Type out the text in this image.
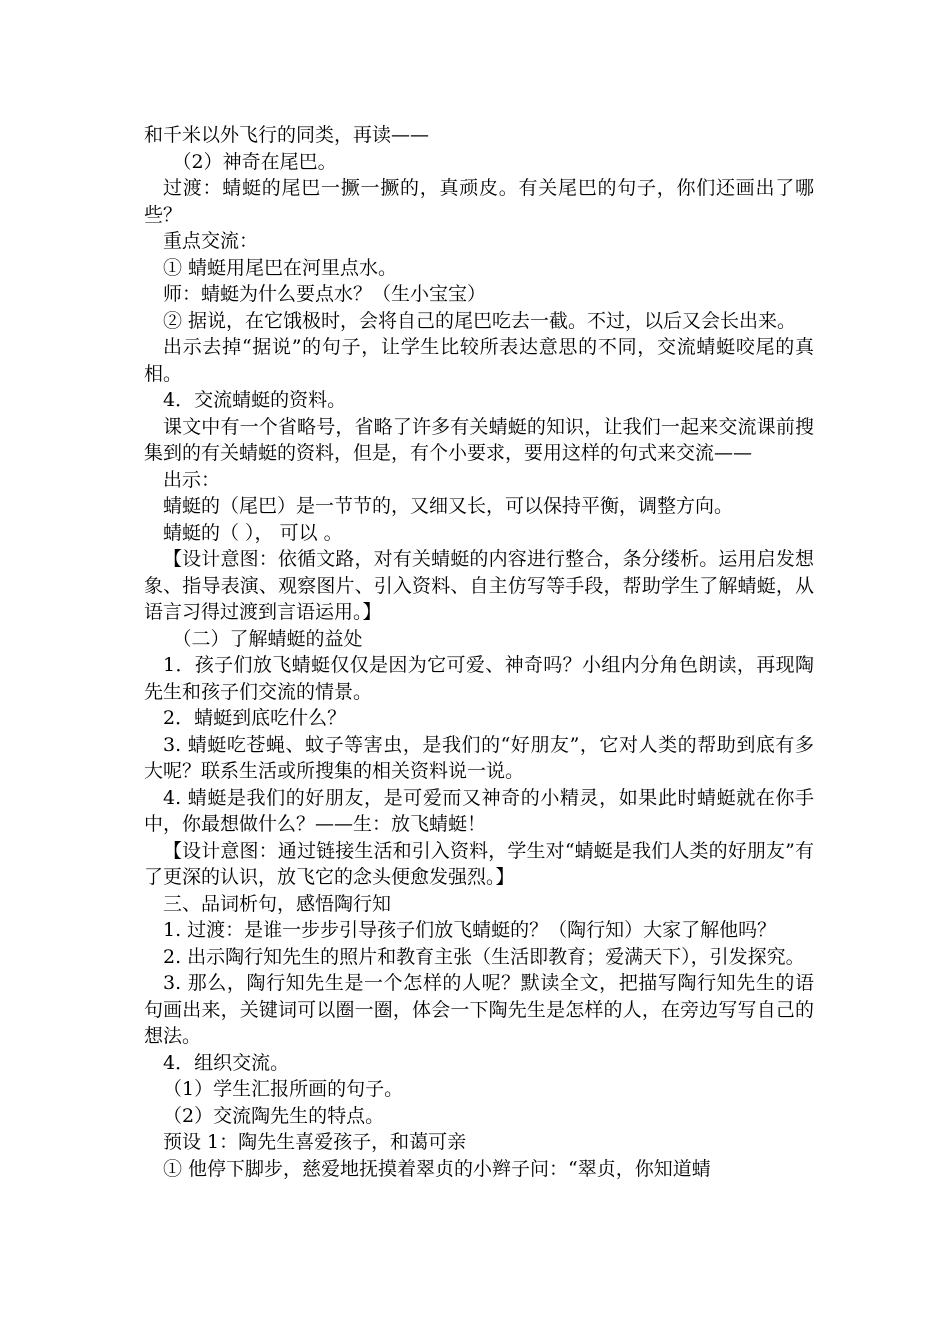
和千米以外飞行的同类，再读——

（2）神奇在尾巴。

过渡：蜻蜓的尾巴一撅一撅的，真顽皮。有关尾巴的句子，你们还画出了哪些？

重点交流：

① 蜻蜓用尾巴在河里点水。

师：蜻蜓为什么要点水？（生小宝宝）

② 据说，在它饿极时，会将自己的尾巴吃去一截。不过，以后又会长出来。

出示去掉“据说”的句子，让学生比较所表达意思的不同，交流蜻蜓咬尾的真相。

4．交流蜻蜓的资料。

课文中有一个省略号，省略了许多有关蜻蜓的知识，让我们一起来交流课前搜集到的有关蜻蜓的资料，但是，有个小要求，要用这样的句式来交流——

出示：

蜻蜓的（尾巴）是一节节的，又细又长，可以保持平衡，调整方向。

蜻蜓的（ ）， 可以 。

【设计意图：依循文路，对有关蜻蜓的内容进行整合，条分缕析。运用启发想象、指导表演、观察图片、引入资料、自主仿写等手段，帮助学生了解蜻蜓，从语言习得过渡到言语运用。】

（二）了解蜻蜓的益处

1．孩子们放飞蜻蜓仅仅是因为它可爱、神奇吗？小组内分角色朗读，再现陶先生和孩子们交流的情景。

2．蜻蜓到底吃什么？

3. 蜻蜓吃苍蝇、蚊子等害虫，是我们的“好朋友”，它对人类的帮助到底有多大呢？联系生活或所搜集的相关资料说一说。

4. 蜻蜓是我们的好朋友，是可爱而又神奇的小精灵，如果此时蜻蜓就在你手中，你最想做什么？——生：放飞蜻蜓！

【设计意图：通过链接生活和引入资料，学生对“蜻蜓是我们人类的好朋友”有了更深的认识，放飞它的念头便愈发强烈。】

三、品词析句，感悟陶行知

1. 过渡：是谁一步步引导孩子们放飞蜻蜓的？（陶行知）大家了解他吗？

2. 出示陶行知先生的照片和教育主张（生活即教育；爱满天下），引发探究。

3. 那么，陶行知先生是一个怎样的人呢？默读全文，把描写陶行知先生的语句画出来，关键词可以圈一圈，体会一下陶先生是怎样的人，在旁边写写自己的想法。

4．组织交流。

（1）学生汇报所画的句子。

（2）交流陶先生的特点。

预设 1：陶先生喜爱孩子，和蔼可亲

① 他停下脚步，慈爱地抚摸着翠贞的小辫子问：“翠贞，你知道蜻
